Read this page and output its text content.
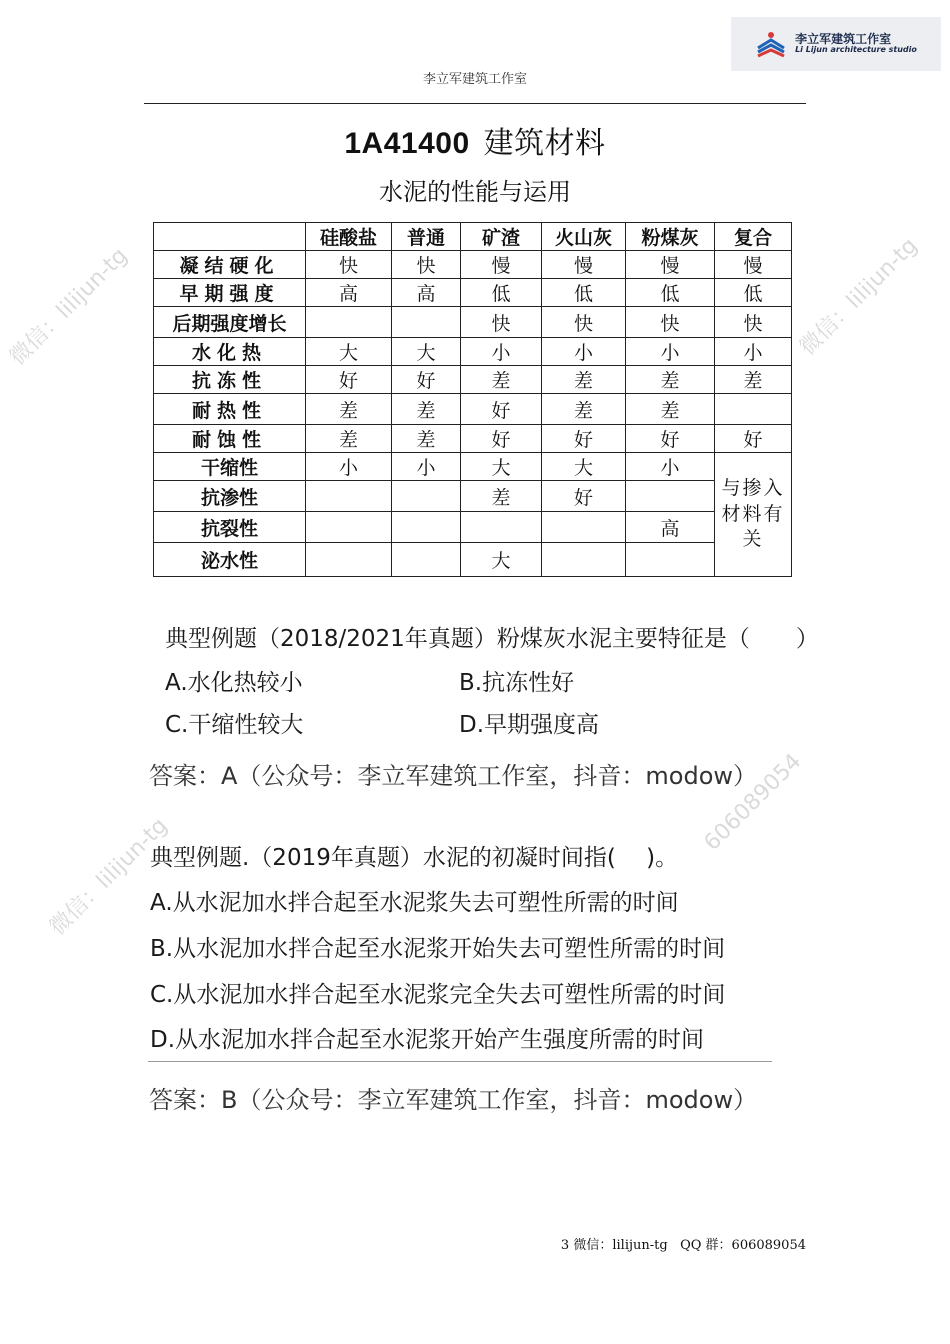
李立军建筑工作室
Li Lijun architecture studio
李立军建筑工作室
1A41400 建筑材料
水泥的性能与运用
	硅酸盐	普通	矿渣	火山灰	粉煤灰	复合
凝结硬化	快	快	慢	慢	慢	慢
早期强度	高	高	低	低	低	低
后期强度增长			快	快	快	快
水化热	大	大	小	小	小	小
抗冻性	好	好	差	差	差	差
耐热性	差	差	好	差	差	
耐蚀性	差	差	好	好	好	好
干缩性	小	小	大	大	小	与掺入材料有关
抗渗性			差	好		
抗裂性					高	
泌水性			大			
典型例题（2018/2021年真题）粉煤灰水泥主要特征是（　　）
A.水化热较小	B.抗冻性好
C.干缩性较大	D.早期强度高
答案：A（公众号：李立军建筑工作室，抖音：modow）
典型例题.（2019年真题）水泥的初凝时间指(　 )。
A.从水泥加水拌合起至水泥浆失去可塑性所需的时间
B.从水泥加水拌合起至水泥浆开始失去可塑性所需的时间
C.从水泥加水拌合起至水泥浆完全失去可塑性所需的时间
D.从水泥加水拌合起至水泥浆开始产生强度所需的时间
答案：B（公众号：李立军建筑工作室，抖音：modow）
3 微信：lilijun-tg QQ 群：606089054
微信：lilijun-tg	微信：lilijun-tg
微信：lilijun-tg
606089054
